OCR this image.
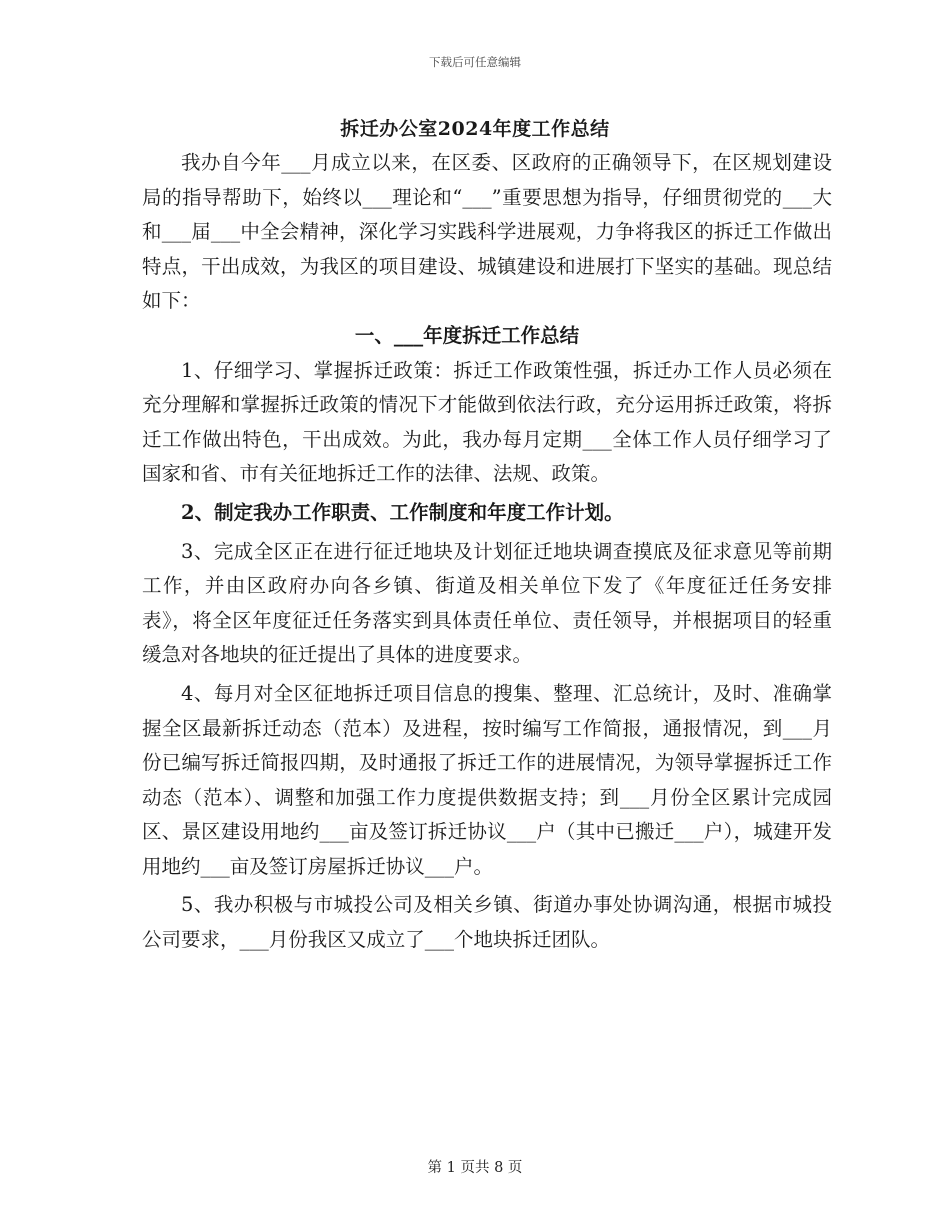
下载后可任意编辑
拆迁办公室2024年度工作总结

我办自今年___月成立以来，在区委、区政府的正确领导下，在区规划建设局的指导帮助下，始终以___理论和“___”重要思想为指导，仔细贯彻党的___大和___届___中全会精神，深化学习实践科学进展观，力争将我区的拆迁工作做出特点，干出成效，为我区的项目建设、城镇建设和进展打下坚实的基础。现总结如下：

一、___年度拆迁工作总结

1、仔细学习、掌握拆迁政策：拆迁工作政策性强，拆迁办工作人员必须在充分理解和掌握拆迁政策的情况下才能做到依法行政，充分运用拆迁政策，将拆迁工作做出特色，干出成效。为此，我办每月定期___全体工作人员仔细学习了国家和省、市有关征地拆迁工作的法律、法规、政策。

2、制定我办工作职责、工作制度和年度工作计划。

3、完成全区正在进行征迁地块及计划征迁地块调查摸底及征求意见等前期工作，并由区政府办向各乡镇、街道及相关单位下发了《年度征迁任务安排表》，将全区年度征迁任务落实到具体责任单位、责任领导，并根据项目的轻重缓急对各地块的征迁提出了具体的进度要求。

4、每月对全区征地拆迁项目信息的搜集、整理、汇总统计，及时、准确掌握全区最新拆迁动态（范本）及进程，按时编写工作简报，通报情况，到___月份已编写拆迁简报四期，及时通报了拆迁工作的进展情况，为领导掌握拆迁工作动态（范本）、调整和加强工作力度提供数据支持；到___月份全区累计完成园区、景区建设用地约___亩及签订拆迁协议___户（其中已搬迁___户），城建开发用地约___亩及签订房屋拆迁协议___户。

5、我办积极与市城投公司及相关乡镇、街道办事处协调沟通，根据市城投公司要求，___月份我区又成立了___个地块拆迁团队。

第 1 页共 8 页
